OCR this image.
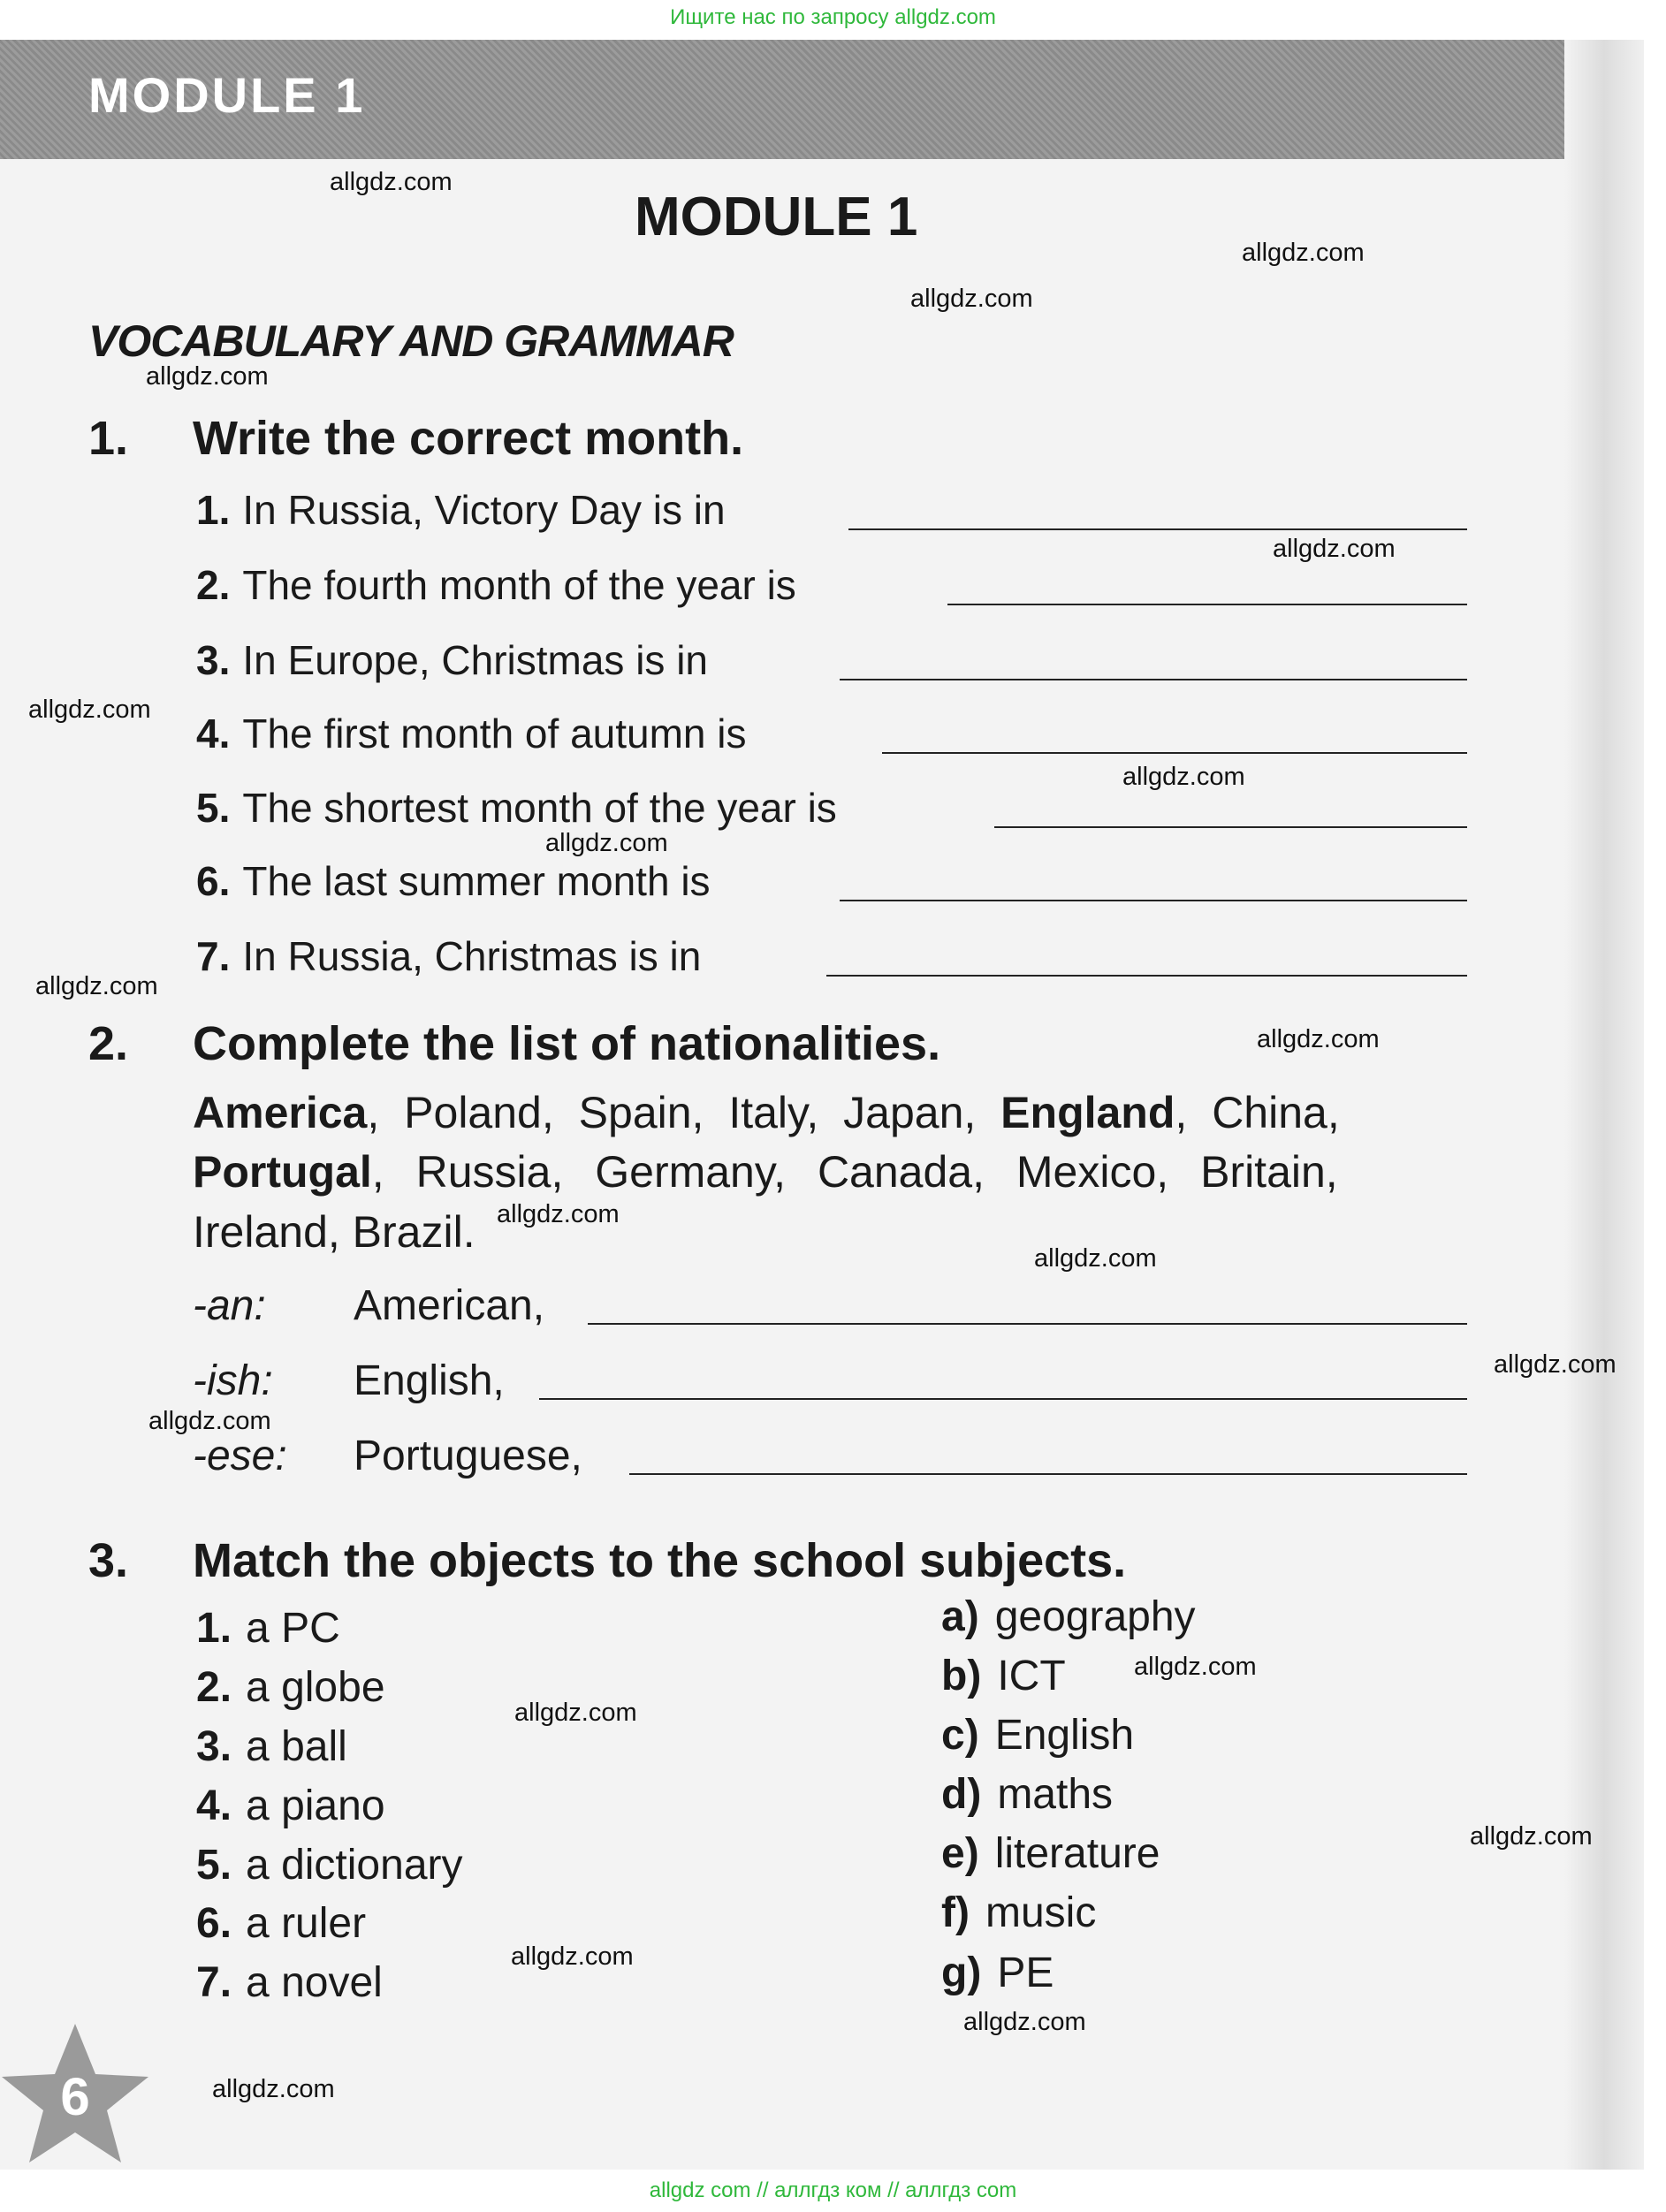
Ищите нас по запросу allgdz.com
MODULE 1
MODULE 1
VOCABULARY AND GRAMMAR
1. Write the correct month.
1. In Russia, Victory Day is in
2. The fourth month of the year is
3. In Europe, Christmas is in
4. The first month of autumn is
5. The shortest month of the year is
6. The last summer month is
7. In Russia, Christmas is in
2. Complete the list of nationalities.
America, Poland, Spain, Italy, Japan, England, China,
Portugal, Russia, Germany, Canada, Mexico, Britain,
Ireland, Brazil.
-an: American,
-ish: English,
-ese: Portuguese,
3. Match the objects to the school subjects.
1. a PC
2. a globe
3. a ball
4. a piano
5. a dictionary
6. a ruler
7. a novel
a) geography
b) ICT
c) English
d) maths
e) literature
f) music
g) PE
6
allgdz.com
allgdz.com
allgdz.com
allgdz.com
allgdz.com
allgdz.com
allgdz.com
allgdz.com
allgdz.com
allgdz.com
allgdz.com
allgdz.com
allgdz.com
allgdz.com
allgdz.com
allgdz.com
allgdz.com
allgdz.com
allgdz.com
allgdz.com
allgdz com // аллгдз ком // аллгдз com
